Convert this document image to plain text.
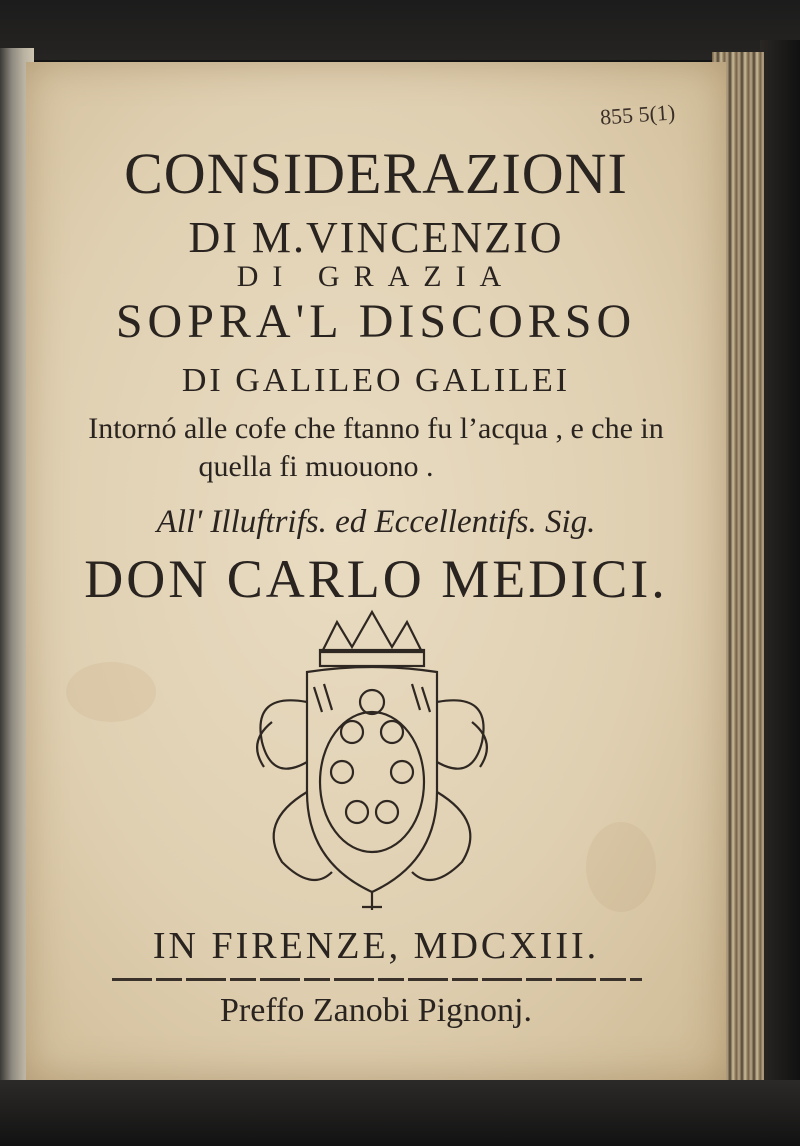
855 5(1)
CONSIDERAZIONI
DI M.VINCENZIO
DI GRAZIA
SOPRA'L DISCORSO
DI GALILEO GALILEI
Intornó alle cofe che ftanno fu l’acqua , e che in
quella fi muouono .
All' Illuftrifs. ed Eccellentifs. Sig.
DON CARLO MEDICI.
IN FIRENZE, MDCXIII.
Preffo Zanobi Pignonj.
